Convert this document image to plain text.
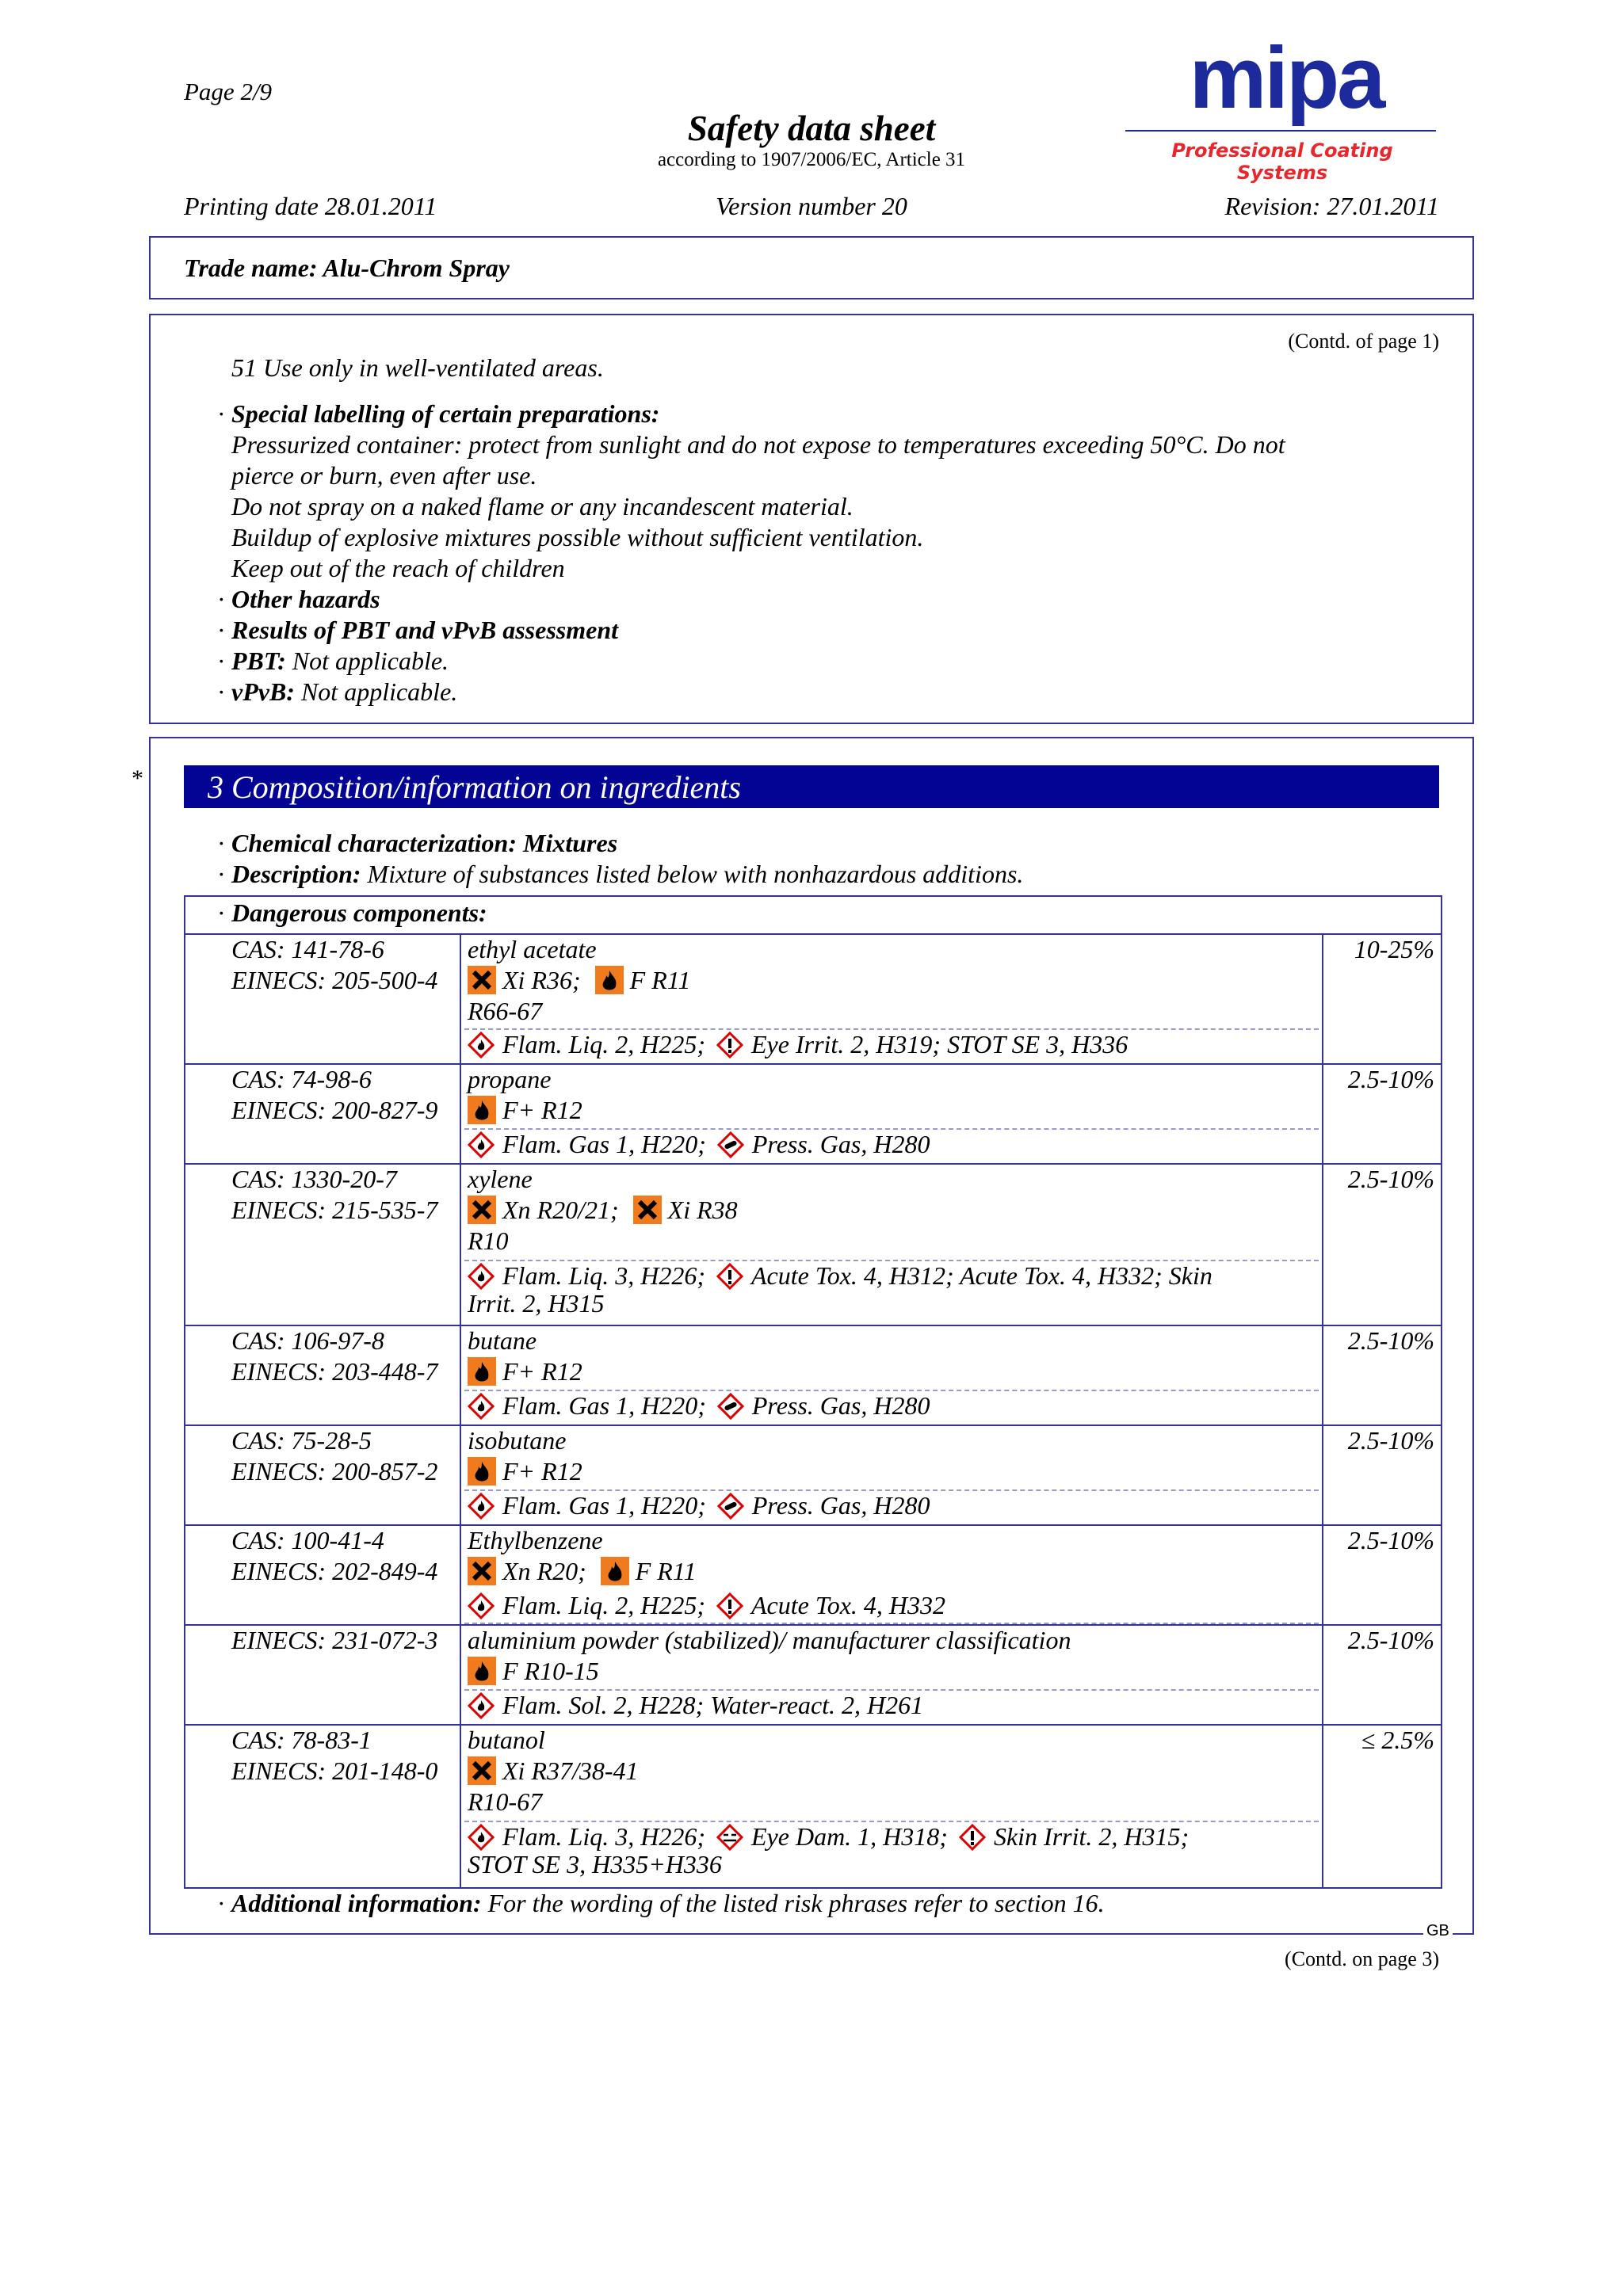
Page 2/9
Safety data sheet
according to 1907/2006/EC, Article 31
Printing date 28.01.2011	Version number 20	Revision: 27.01.2011
mipa
Professional Coating Systems
Trade name: Alu-Chrom Spray
(Contd. of page 1)
51 Use only in well-ventilated areas.
· Special labelling of certain preparations:
Pressurized container: protect from sunlight and do not expose to temperatures exceeding 50°C. Do not
pierce or burn, even after use.
Do not spray on a naked flame or any incandescent material.
Buildup of explosive mixtures possible without sufficient ventilation.
Keep out of the reach of children
· Other hazards
· Results of PBT and vPvB assessment
· PBT: Not applicable.
· vPvB: Not applicable.
* 3 Composition/information on ingredients
· Chemical characterization: Mixtures
· Description: Mixture of substances listed below with nonhazardous additions.
· Dangerous components:
CAS: 141-78-6
EINECS: 205-500-4
ethyl acetate
Xi R36; F R11
R66-67
Flam. Liq. 2, H225; Eye Irrit. 2, H319; STOT SE 3, H336
10-25%
CAS: 74-98-6
EINECS: 200-827-9
propane
F+ R12
Flam. Gas 1, H220; Press. Gas, H280
2.5-10%
CAS: 1330-20-7
EINECS: 215-535-7
xylene
Xn R20/21; Xi R38
R10
Flam. Liq. 3, H226; Acute Tox. 4, H312; Acute Tox. 4, H332; Skin
Irrit. 2, H315
2.5-10%
CAS: 106-97-8
EINECS: 203-448-7
butane
F+ R12
Flam. Gas 1, H220; Press. Gas, H280
2.5-10%
CAS: 75-28-5
EINECS: 200-857-2
isobutane
F+ R12
Flam. Gas 1, H220; Press. Gas, H280
2.5-10%
CAS: 100-41-4
EINECS: 202-849-4
Ethylbenzene
Xn R20; F R11
Flam. Liq. 2, H225; Acute Tox. 4, H332
2.5-10%
EINECS: 231-072-3 aluminium powder (stabilized)/ manufacturer classification
F R10-15
Flam. Sol. 2, H228; Water-react. 2, H261
2.5-10%
CAS: 78-83-1
EINECS: 201-148-0
butanol
Xi R37/38-41
R10-67
Flam. Liq. 3, H226; Eye Dam. 1, H318; Skin Irrit. 2, H315;
STOT SE 3, H335+H336
≤ 2.5%
· Additional information: For the wording of the listed risk phrases refer to section 16.
GB
(Contd. on page 3)
